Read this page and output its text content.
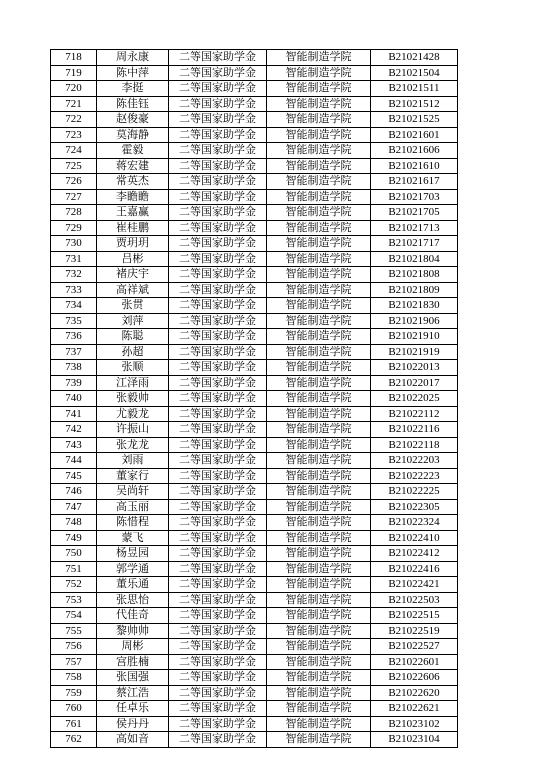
718	周永康	二等国家助学金	智能制造学院	B21021428
719	陈中萍	二等国家助学金	智能制造学院	B21021504
720	李挺	二等国家助学金	智能制造学院	B21021511
721	陈佳钰	二等国家助学金	智能制造学院	B21021512
722	赵俊豪	二等国家助学金	智能制造学院	B21021525
723	莫海静	二等国家助学金	智能制造学院	B21021601
724	霍毅	二等国家助学金	智能制造学院	B21021606
725	蒋宏建	二等国家助学金	智能制造学院	B21021610
726	常英杰	二等国家助学金	智能制造学院	B21021617
727	李瞻瞻	二等国家助学金	智能制造学院	B21021703
728	王嘉赢	二等国家助学金	智能制造学院	B21021705
729	崔桂鹏	二等国家助学金	智能制造学院	B21021713
730	贾玥玥	二等国家助学金	智能制造学院	B21021717
731	吕彬	二等国家助学金	智能制造学院	B21021804
732	褚庆宇	二等国家助学金	智能制造学院	B21021808
733	高祥斌	二等国家助学金	智能制造学院	B21021809
734	张贯	二等国家助学金	智能制造学院	B21021830
735	刘萍	二等国家助学金	智能制造学院	B21021906
736	陈聪	二等国家助学金	智能制造学院	B21021910
737	孙超	二等国家助学金	智能制造学院	B21021919
738	张顺	二等国家助学金	智能制造学院	B21022013
739	江泽雨	二等国家助学金	智能制造学院	B21022017
740	张毅帅	二等国家助学金	智能制造学院	B21022025
741	尤毅龙	二等国家助学金	智能制造学院	B21022112
742	许振山	二等国家助学金	智能制造学院	B21022116
743	张龙龙	二等国家助学金	智能制造学院	B21022118
744	刘雨	二等国家助学金	智能制造学院	B21022203
745	董家行	二等国家助学金	智能制造学院	B21022223
746	吴尚轩	二等国家助学金	智能制造学院	B21022225
747	高玉丽	二等国家助学金	智能制造学院	B21022305
748	陈惜程	二等国家助学金	智能制造学院	B21022324
749	蒙飞	二等国家助学金	智能制造学院	B21022410
750	杨昱园	二等国家助学金	智能制造学院	B21022412
751	郭学通	二等国家助学金	智能制造学院	B21022416
752	董乐通	二等国家助学金	智能制造学院	B21022421
753	张思怡	二等国家助学金	智能制造学院	B21022503
754	代佳奇	二等国家助学金	智能制造学院	B21022515
755	黎帅帅	二等国家助学金	智能制造学院	B21022519
756	周彬	二等国家助学金	智能制造学院	B21022527
757	宫胜楠	二等国家助学金	智能制造学院	B21022601
758	张国强	二等国家助学金	智能制造学院	B21022606
759	蔡江浩	二等国家助学金	智能制造学院	B21022620
760	任卓乐	二等国家助学金	智能制造学院	B21022621
761	侯丹丹	二等国家助学金	智能制造学院	B21023102
762	高如音	二等国家助学金	智能制造学院	B21023104
